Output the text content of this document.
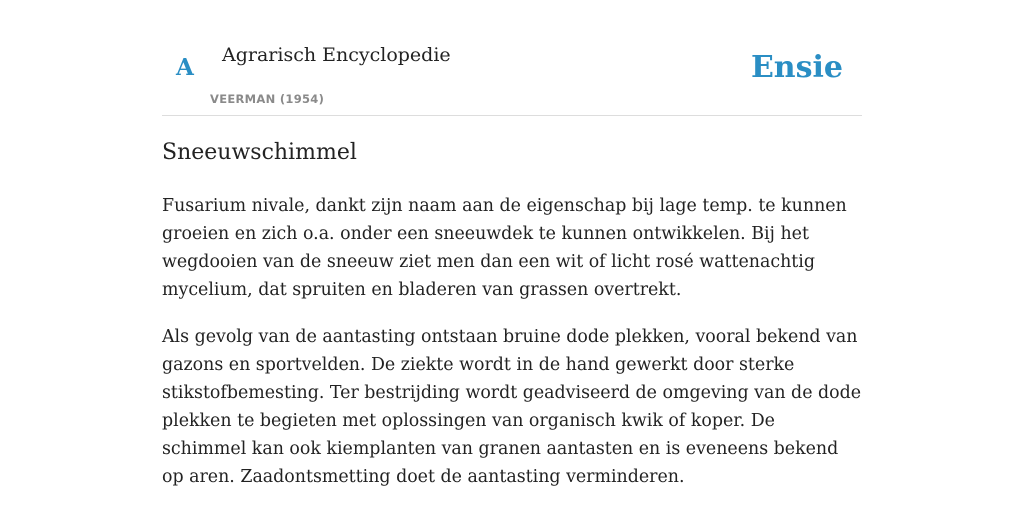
A Agrarisch Encyclopedie
VEERMAN (1954)
Ensie
Sneeuwschimmel

Fusarium nivale, dankt zijn naam aan de eigenschap bij lage temp. te kunnen groeien en zich o.a. onder een sneeuwdek te kunnen ontwikkelen. Bij het wegdooien van de sneeuw ziet men dan een wit of licht rosé wattenachtig mycelium, dat spruiten en bladeren van grassen overtrekt.

Als gevolg van de aantasting ontstaan bruine dode plekken, vooral bekend van gazons en sportvelden. De ziekte wordt in de hand gewerkt door sterke stikstofbemesting. Ter bestrijding wordt geadviseerd de omgeving van de dode plekken te begieten met oplossingen van organisch kwik of koper. De schimmel kan ook kiemplanten van granen aantasten en is eveneens bekend op aren. Zaadontsmetting doet de aantasting verminderen.
